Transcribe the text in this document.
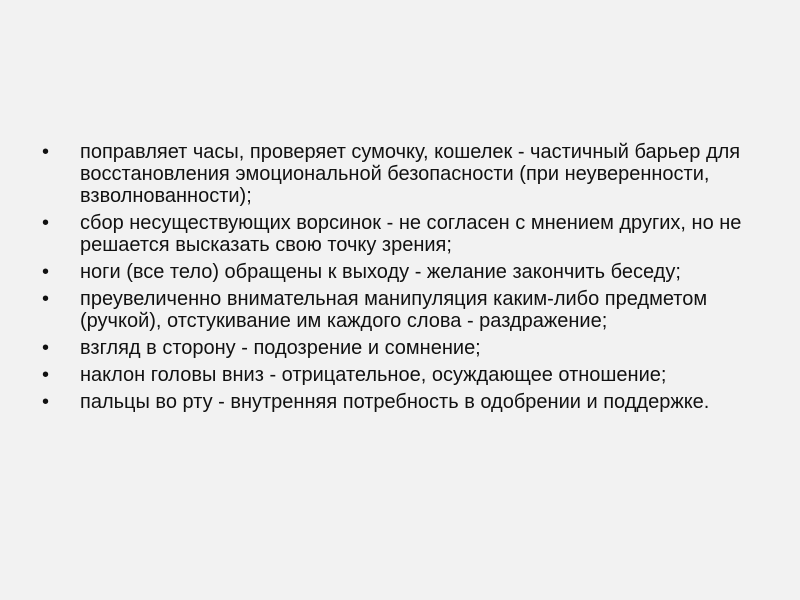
•	поправляет часы, проверяет сумочку, кошелек - частичный барьер для восстановления эмоциональной безопасности (при неуверенности, взволнованности);
•	сбор несуществующих ворсинок - не согласен с мнением других, но не решается высказать свою точку зрения;
•	ноги (все тело) обращены к выходу - желание закончить беседу;
•	преувеличенно внимательная манипуляция каким-либо предметом (ручкой), отстукивание им каждого слова - раздражение;
•	взгляд в сторону - подозрение и сомнение;
•	наклон головы вниз - отрицательное, осуждающее отношение;
•	пальцы во рту - внутренняя потребность в одобрении и поддержке.
